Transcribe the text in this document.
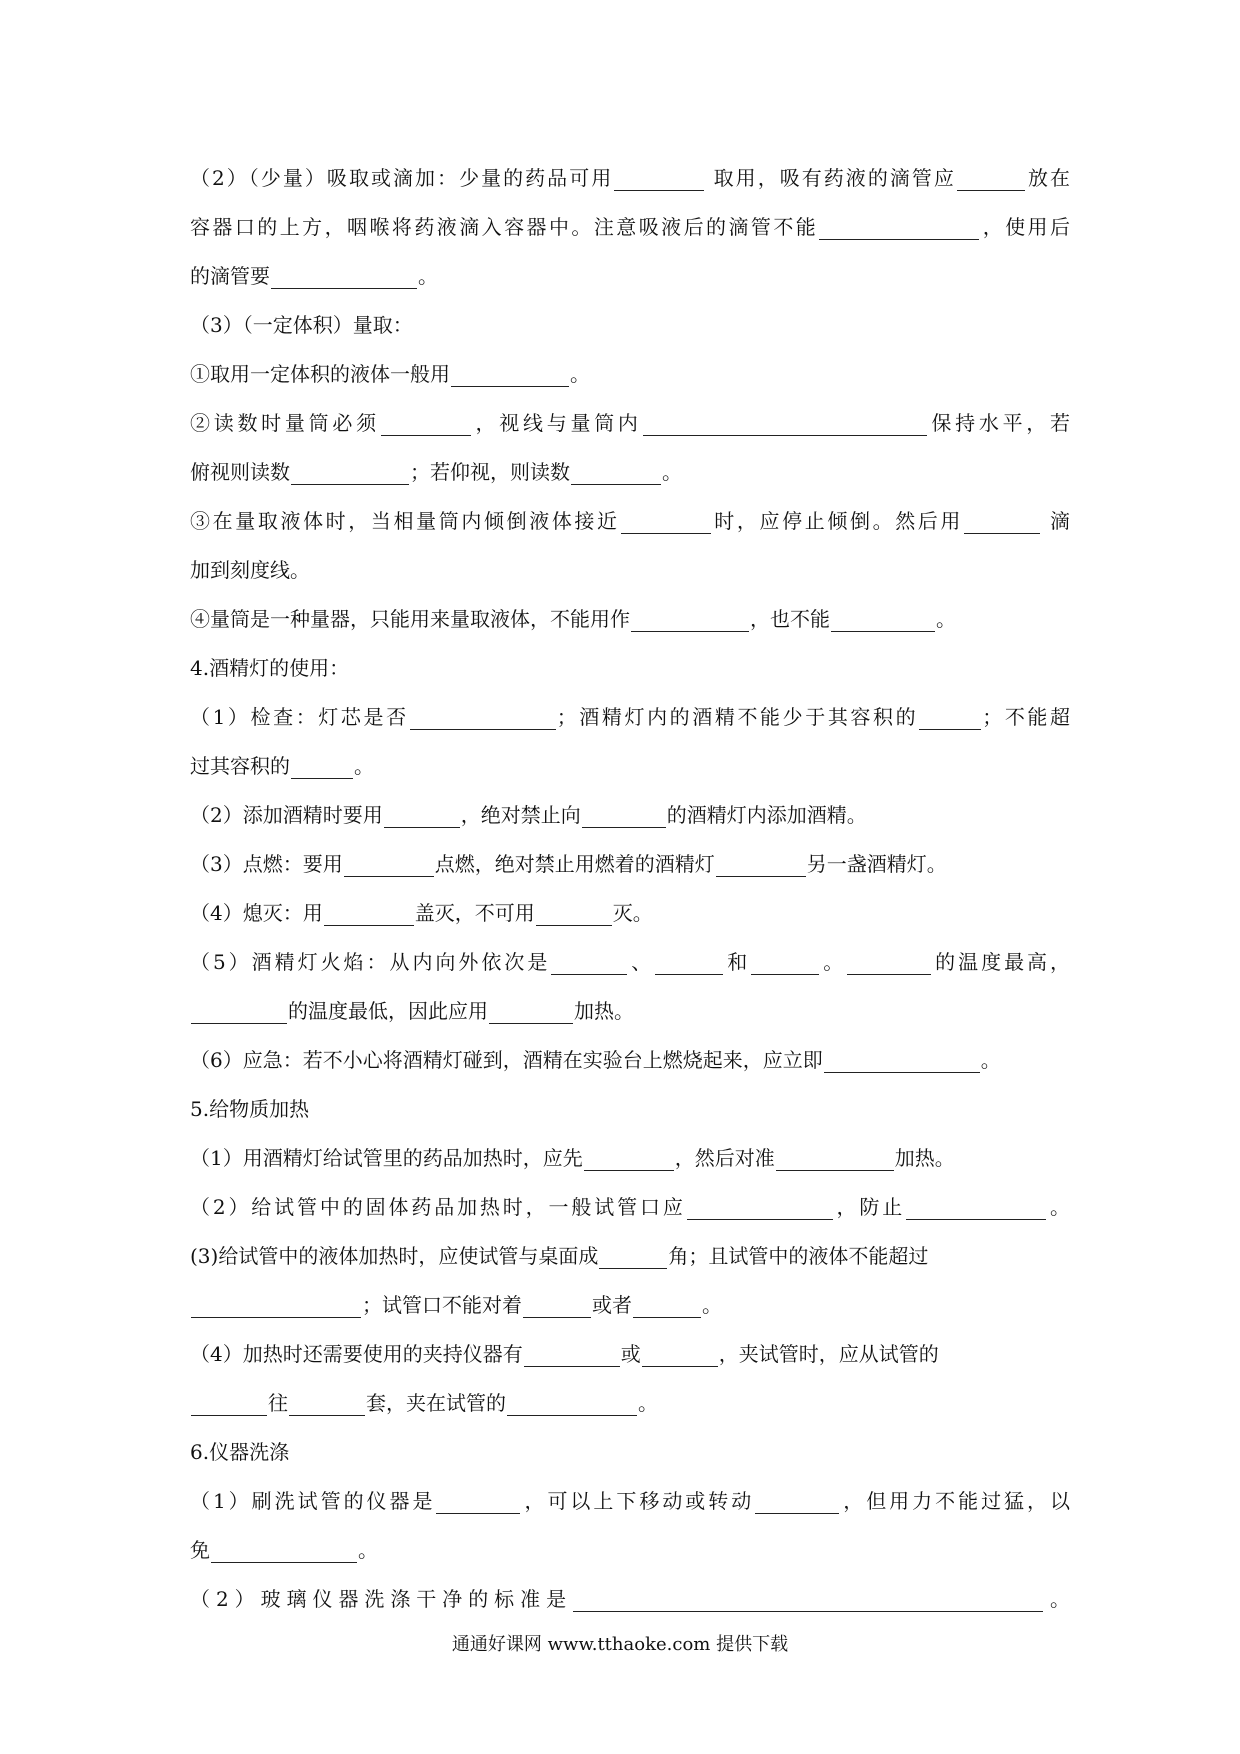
（2）（少量）吸取或滴加：少量的药品可用	取用，吸有药液的滴管应	放在
容器口的上方，咽喉将药液滴入容器中。注意吸液后的滴管不能	，使用后
的滴管要	。
（3）（一定体积）量取：
①取用一定体积的液体一般用	。
②读数时量筒必须	，视线与量筒内	保持水平，若
俯视则读数	；若仰视，则读数	。
③在量取液体时，当相量筒内倾倒液体接近	时，应停止倾倒。然后用	滴
加到刻度线。
④量筒是一种量器，只能用来量取液体，不能用作	，也不能	。
4.酒精灯的使用：
（1）检查：灯芯是否	；酒精灯内的酒精不能少于其容积的	；不能超
过其容积的	。
（2）添加酒精时要用	，绝对禁止向	的酒精灯内添加酒精。
（3）点燃：要用	点燃，绝对禁止用燃着的酒精灯	另一盏酒精灯。
（4）熄灭：用	盖灭，不可用	灭。
（5）酒精灯火焰：从内向外依次是	、	和	。	的温度最高，
的温度最低，因此应用	加热。
（6）应急：若不小心将酒精灯碰到，酒精在实验台上燃烧起来，应立即	。
5.给物质加热
（1）用酒精灯给试管里的药品加热时，应先	，然后对准	加热。
（2）给试管中的固体药品加热时，一般试管口应	，防止	。
(3)给试管中的液体加热时，应使试管与桌面成	角；且试管中的液体不能超过
；试管口不能对着	或者	。
（4）加热时还需要使用的夹持仪器有	或	，夹试管时，应从试管的
往	套，夹在试管的	。
6.仪器洗涤
（1）刷洗试管的仪器是	，可以上下移动或转动	，但用力不能过猛，以
免	。
（2）玻璃仪器洗涤干净的标准是	。
通通好课网 www.tthaoke.com 提供下载
